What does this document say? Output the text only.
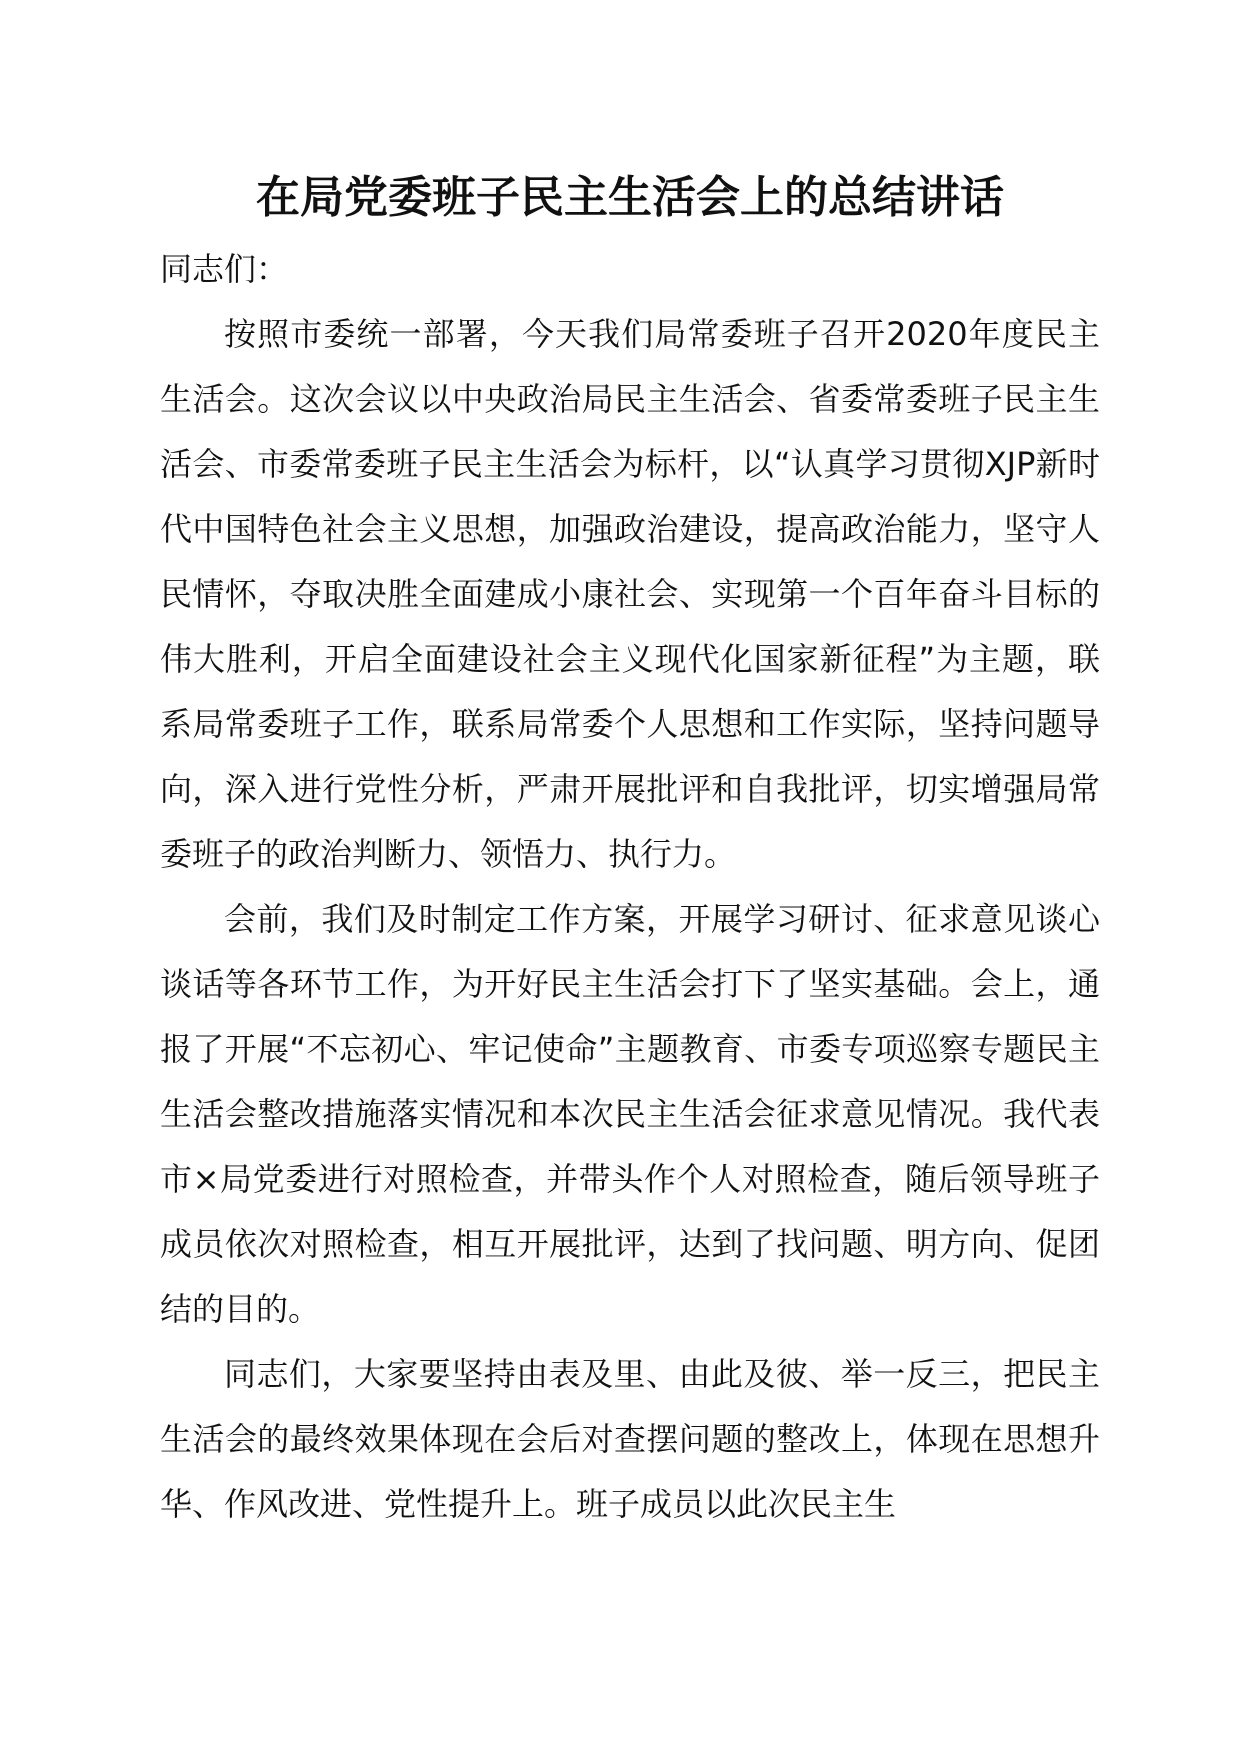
在局党委班子民主生活会上的总结讲话

同志们：

按照市委统一部署，今天我们局常委班子召开2020年度民主生活会。这次会议以中央政治局民主生活会、省委常委班子民主生活会、市委常委班子民主生活会为标杆，以“认真学习贯彻XJP新时代中国特色社会主义思想，加强政治建设，提高政治能力，坚守人民情怀，夺取决胜全面建成小康社会、实现第一个百年奋斗目标的伟大胜利，开启全面建设社会主义现代化国家新征程”为主题，联系局常委班子工作，联系局常委个人思想和工作实际，坚持问题导向，深入进行党性分析，严肃开展批评和自我批评，切实增强局常委班子的政治判断力、领悟力、执行力。

会前，我们及时制定工作方案，开展学习研讨、征求意见谈心谈话等各环节工作，为开好民主生活会打下了坚实基础。会上，通报了开展“不忘初心、牢记使命”主题教育、市委专项巡察专题民主生活会整改措施落实情况和本次民主生活会征求意见情况。我代表市×局党委进行对照检查，并带头作个人对照检查，随后领导班子成员依次对照检查，相互开展批评，达到了找问题、明方向、促团结的目的。

同志们，大家要坚持由表及里、由此及彼、举一反三，把民主生活会的最终效果体现在会后对查摆问题的整改上，体现在思想升华、作风改进、党性提升上。班子成员以此次民主生
